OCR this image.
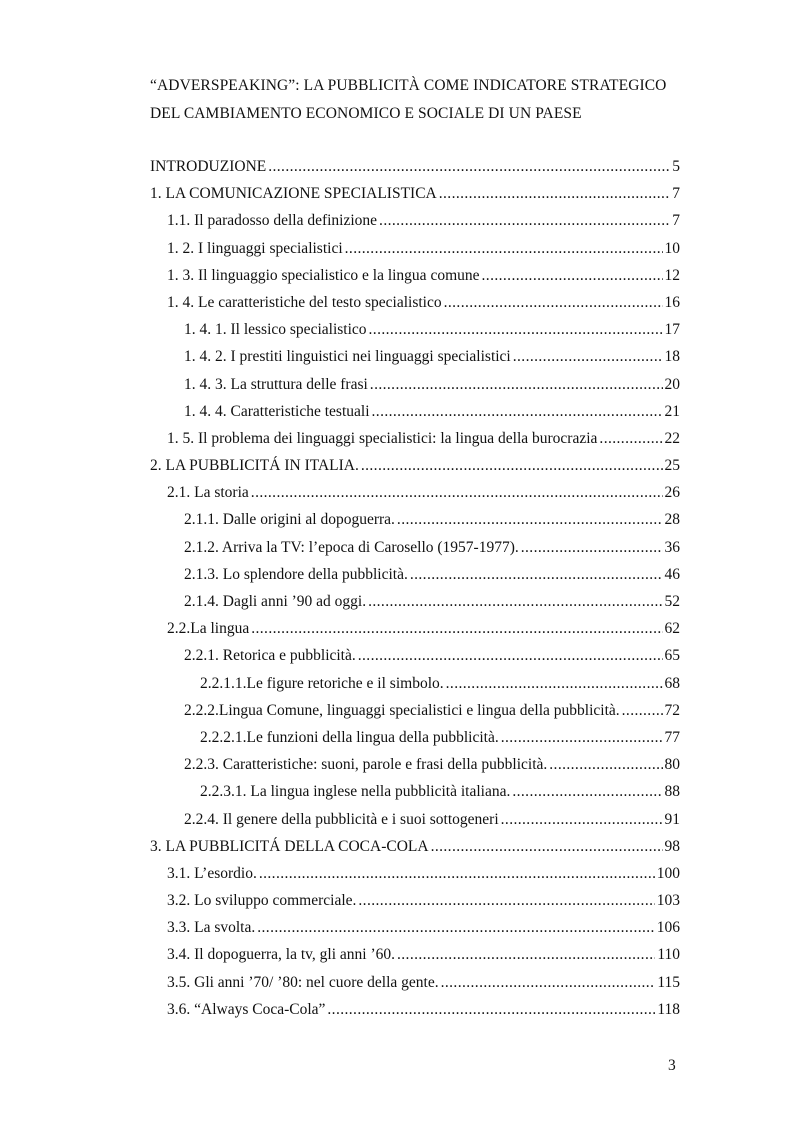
“ADVERSPEAKING”: LA PUBBLICITÀ COME INDICATORE STRATEGICO
DEL CAMBIAMENTO ECONOMICO E SOCIALE DI UN PAESE
INTRODUZIONE .....	5
1. LA COMUNICAZIONE SPECIALISTICA .....	7
1.1. Il paradosso della definizione .....	7
1. 2. I linguaggi specialistici .....	10
1. 3. Il linguaggio specialistico e la lingua comune .....	12
1. 4. Le caratteristiche del testo specialistico .....	16
1. 4. 1. Il lessico specialistico .....	17
1. 4. 2. I prestiti linguistici nei linguaggi specialistici .....	18
1. 4. 3. La struttura delle frasi .....	20
1. 4. 4. Caratteristiche testuali .....	21
1. 5. Il problema dei linguaggi specialistici: la lingua della burocrazia .....	22
2. LA PUBBLICITÁ IN ITALIA. .....	25
2.1. La storia .....	26
2.1.1. Dalle origini al dopoguerra. .....	28
2.1.2. Arriva la TV: l’epoca di Carosello (1957-1977). .....	36
2.1.3. Lo splendore della pubblicità. .....	46
2.1.4. Dagli anni ’90 ad oggi. .....	52
2.2.La lingua .....	62
2.2.1. Retorica e pubblicità. .....	65
2.2.1.1.Le figure retoriche e il simbolo. .....	68
2.2.2.Lingua Comune, linguaggi specialistici e lingua della pubblicità. .....	72
2.2.2.1.Le funzioni della lingua della pubblicità. .....	77
2.2.3. Caratteristiche: suoni, parole e frasi della pubblicità. .....	80
2.2.3.1. La lingua inglese nella pubblicità italiana. .....	88
2.2.4. Il genere della pubblicità e i suoi sottogeneri .....	91
3. LA PUBBLICITÁ DELLA COCA-COLA .....	98
3.1. L’esordio. .....	100
3.2. Lo sviluppo commerciale. .....	103
3.3. La svolta. .....	106
3.4. Il dopoguerra, la tv, gli anni ’60. .....	110
3.5. Gli anni ’70/ ’80: nel cuore della gente. .....	115
3.6. “Always Coca-Cola” .....	118
3
